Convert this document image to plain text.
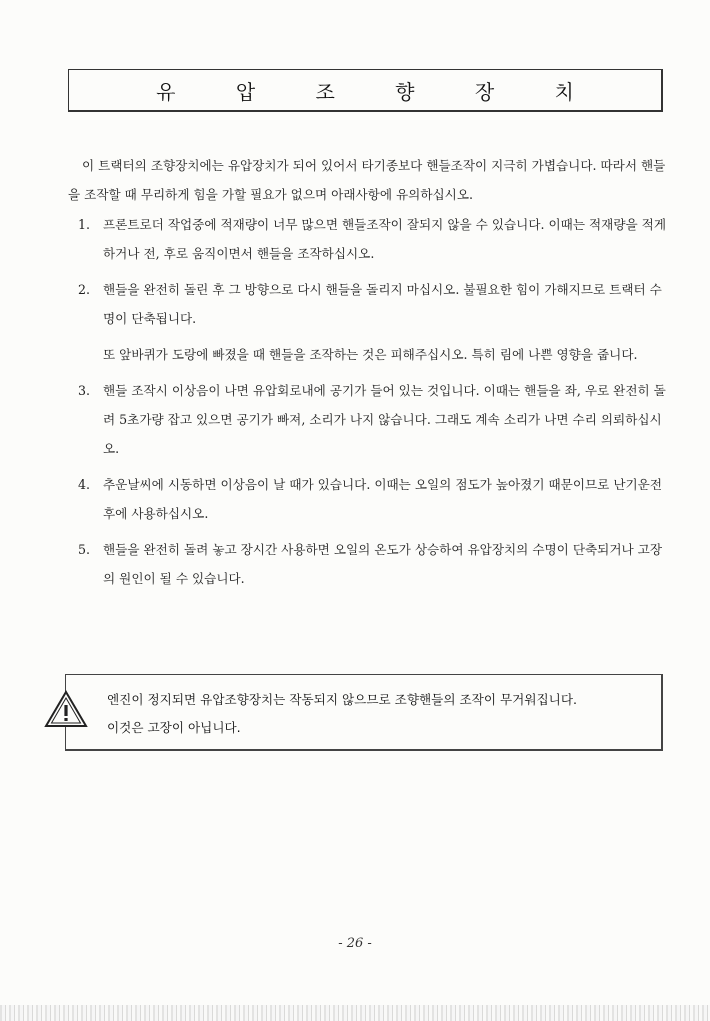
유 압 조 향 장 치

이 트랙터의 조향장치에는 유압장치가 되어 있어서 타기종보다 핸들조작이 지극히 가볍습니다. 따라서 핸들을 조작할 때 무리하게 힘을 가할 필요가 없으며 아래사항에 유의하십시오.

1. 프론트로더 작업중에 적재량이 너무 많으면 핸들조작이 잘되지 않을 수 있습니다. 이때는 적재량을 적게 하거나 전, 후로 움직이면서 핸들을 조작하십시오.
2. 핸들을 완전히 돌린 후 그 방향으로 다시 핸들을 돌리지 마십시오. 불필요한 힘이 가해지므로 트랙터 수명이 단축됩니다.
또 앞바퀴가 도랑에 빠졌을 때 핸들을 조작하는 것은 피해주십시오. 특히 림에 나쁜 영향을 줍니다.
3. 핸들 조작시 이상음이 나면 유압회로내에 공기가 들어 있는 것입니다. 이때는 핸들을 좌, 우로 완전히 돌려 5초가량 잡고 있으면 공기가 빠져, 소리가 나지 않습니다. 그래도 계속 소리가 나면 수리 의뢰하십시오.
4. 추운날씨에 시동하면 이상음이 날 때가 있습니다. 이때는 오일의 점도가 높아졌기 때문이므로 난기운전후에 사용하십시오.
5. 핸들을 완전히 돌려 놓고 장시간 사용하면 오일의 온도가 상승하여 유압장치의 수명이 단축되거나 고장의 원인이 될 수 있습니다.
엔진이 정지되면 유압조향장치는 작동되지 않으므로 조향핸들의 조작이 무거워집니다.
이것은 고장이 아닙니다.
- 26 -
